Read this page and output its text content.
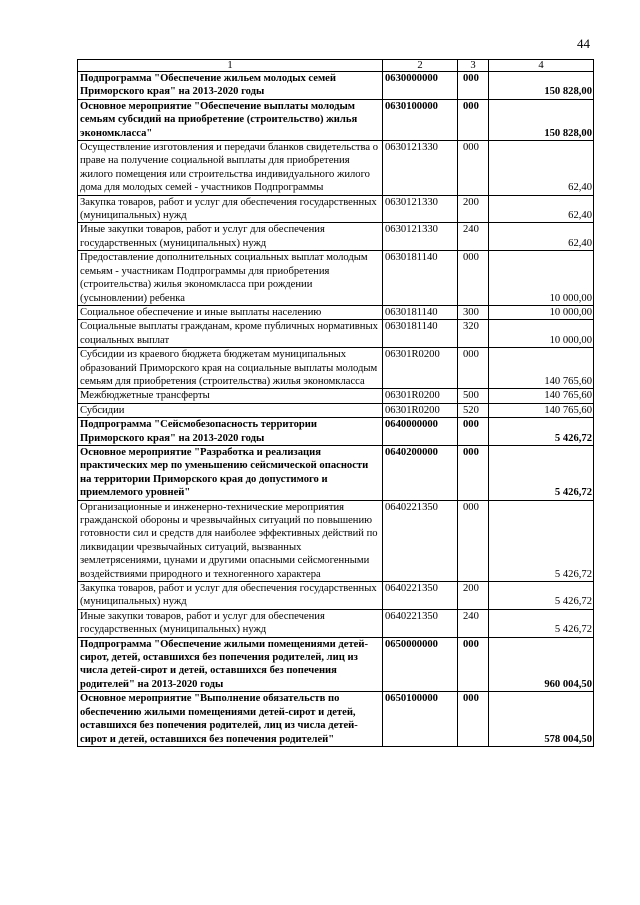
44
1	2	3	4
Подпрограмма "Обеспечение жильем молодых семей Приморского края" на 2013-2020 годы	0630000000	000	150 828,00
Основное мероприятие "Обеспечение выплаты молодым семьям субсидий на приобретение (строительство) жилья экономкласса"	0630100000	000	150 828,00
Осуществление изготовления и передачи бланков свидетельства о праве на получение социальной выплаты для приобретения жилого помещения или строительства индивидуального жилого дома для молодых семей - участников Подпрограммы	0630121330	000	62,40
Закупка товаров, работ и услуг для обеспечения государственных (муниципальных) нужд	0630121330	200	62,40
Иные закупки товаров, работ и услуг для обеспечения государственных (муниципальных) нужд	0630121330	240	62,40
Предоставление дополнительных социальных выплат молодым семьям - участникам Подпрограммы для приобретения (строительства) жилья экономкласса при рождении (усыновлении) ребенка	0630181140	000	10 000,00
Социальное обеспечение и иные выплаты населению	0630181140	300	10 000,00
Социальные выплаты гражданам, кроме публичных нормативных социальных выплат	0630181140	320	10 000,00
Субсидии из краевого бюджета бюджетам муниципальных образований Приморского края на социальные выплаты молодым семьям для приобретения (строительства) жилья экономкласса	06301R0200	000	140 765,60
Межбюджетные трансферты	06301R0200	500	140 765,60
Субсидии	06301R0200	520	140 765,60
Подпрограмма "Сейсмобезопасность территории Приморского края" на 2013-2020 годы	0640000000	000	5 426,72
Основное мероприятие "Разработка и реализация практических мер по уменьшению сейсмической опасности на территории Приморского края до допустимого и приемлемого уровней"	0640200000	000	5 426,72
Организационные и инженерно-технические мероприятия гражданской обороны и чрезвычайных ситуаций по повышению готовности сил и средств для наиболее эффективных действий по ликвидации чрезвычайных ситуаций, вызванных землетрясениями, цунами и другими опасными сейсмогенными воздействиями природного и техногенного характера	0640221350	000	5 426,72
Закупка товаров, работ и услуг для обеспечения государственных (муниципальных) нужд	0640221350	200	5 426,72
Иные закупки товаров, работ и услуг для обеспечения государственных (муниципальных) нужд	0640221350	240	5 426,72
Подпрограмма "Обеспечение жилыми помещениями детей-сирот, детей, оставшихся без попечения родителей, лиц из числа детей-сирот и детей, оставшихся без попечения родителей" на 2013-2020 годы	0650000000	000	960 004,50
Основное мероприятие "Выполнение обязательств по обеспечению жилыми помещениями детей-сирот и детей, оставшихся без попечения родителей, лиц из числа детей-сирот и детей, оставшихся без попечения родителей"	0650100000	000	578 004,50
